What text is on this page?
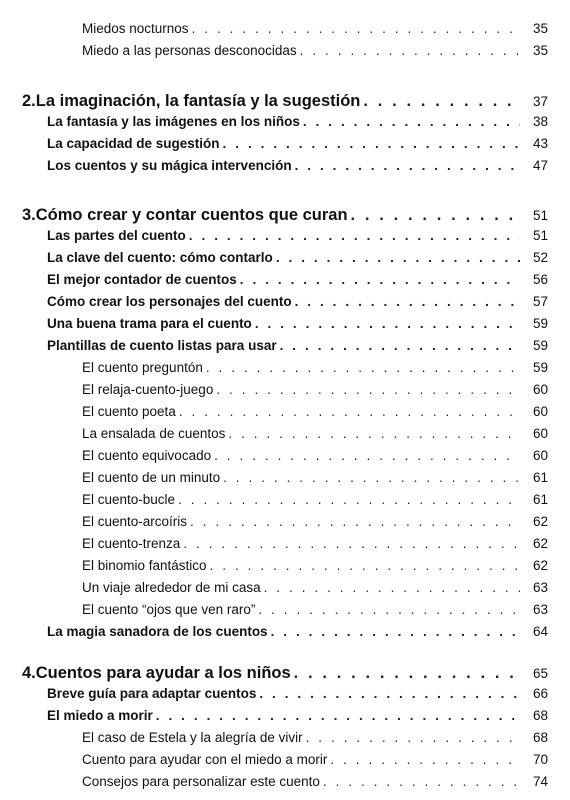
Miedos nocturnos . . .	35
Miedo a las personas desconocidas . . .	35
2. La imaginación, la fantasía y la sugestión . . .	37
La fantasía y las imágenes en los niños . . .	38
La capacidad de sugestión . . .	43
Los cuentos y su mágica intervención . . .	47
3. Cómo crear y contar cuentos que curan . . .	51
Las partes del cuento . . .	51
La clave del cuento: cómo contarlo . . .	52
El mejor contador de cuentos . . .	56
Cómo crear los personajes del cuento . . .	57
Una buena trama para el cuento . . .	59
Plantillas de cuento listas para usar . . .	59
El cuento preguntón . . .	59
El relaja-cuento-juego . . .	60
El cuento poeta . . .	60
La ensalada de cuentos . . .	60
El cuento equivocado . . .	60
El cuento de un minuto . . .	61
El cuento-bucle . . .	61
El cuento-arcoíris . . .	62
El cuento-trenza . . .	62
El binomio fantástico . . .	62
Un viaje alrededor de mi casa . . .	63
El cuento “ojos que ven raro” . . .	63
La magia sanadora de los cuentos . . .	64
4. Cuentos para ayudar a los niños . . .	65
Breve guía para adaptar cuentos . . .	66
El miedo a morir . . .	68
El caso de Estela y la alegría de vivir . . .	68
Cuento para ayudar con el miedo a morir . . .	70
Consejos para personalizar este cuento . . .	74
